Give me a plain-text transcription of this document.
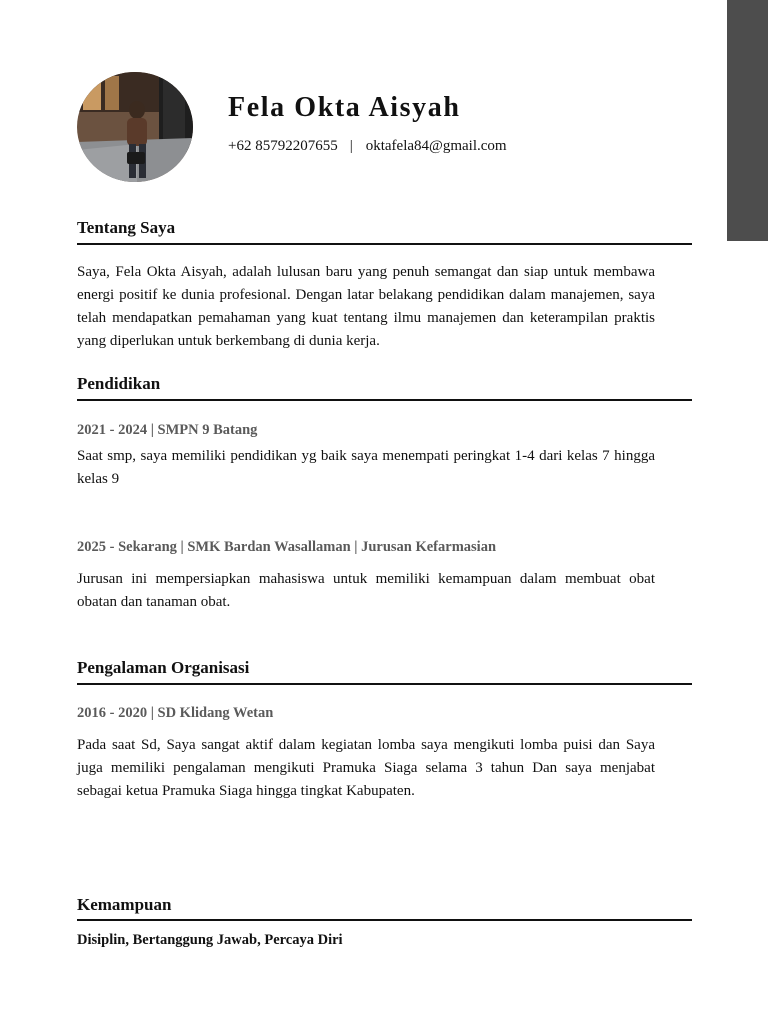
Fela Okta Aisyah
+62 85792207655 | oktafela84@gmail.com
Tentang Saya
Saya, Fela Okta Aisyah, adalah lulusan baru yang penuh semangat dan siap untuk membawa energi positif ke dunia profesional. Dengan latar belakang pendidikan dalam manajemen, saya telah mendapatkan pemahaman yang kuat tentang ilmu manajemen dan keterampilan praktis yang diperlukan untuk berkembang di dunia kerja.
Pendidikan
2021 - 2024 | SMPN 9 Batang
Saat smp, saya memiliki pendidikan yg baik saya menempati peringkat 1-4 dari kelas 7 hingga kelas 9
2025 - Sekarang | SMK Bardan Wasallaman | Jurusan Kefarmasian
Jurusan ini mempersiapkan mahasiswa untuk memiliki kemampuan dalam membuat obat obatan dan tanaman obat.
Pengalaman Organisasi
2016 - 2020 | SD Klidang Wetan
Pada saat Sd, Saya sangat aktif dalam kegiatan lomba saya mengikuti lomba puisi dan Saya juga memiliki pengalaman mengikuti Pramuka Siaga selama 3 tahun Dan saya menjabat sebagai ketua Pramuka Siaga hingga tingkat Kabupaten.
Kemampuan
Disiplin, Bertanggung Jawab, Percaya Diri
